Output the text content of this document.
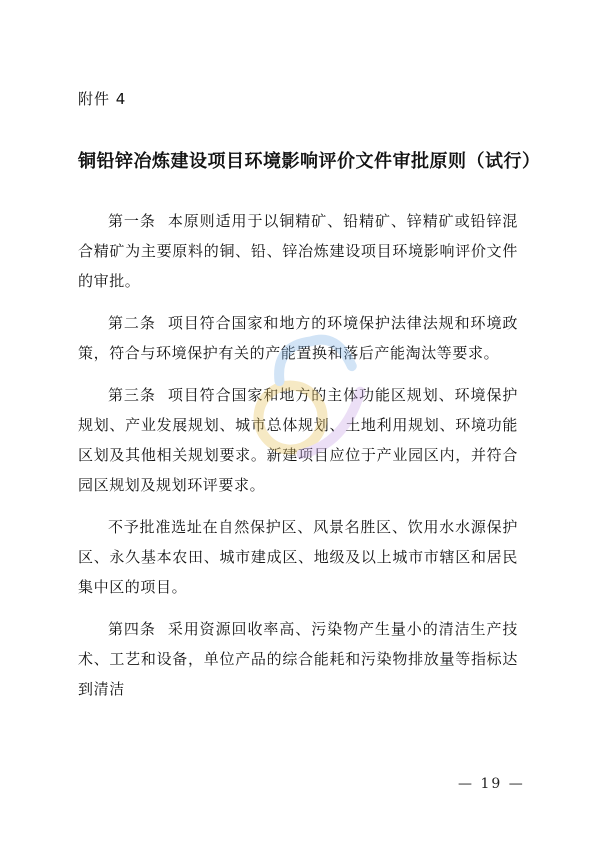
附件 4
铜铅锌冶炼建设项目环境影响评价文件审批原则（试行）

第一条 本原则适用于以铜精矿、铅精矿、锌精矿或铅锌混合精矿为主要原料的铜、铅、锌冶炼建设项目环境影响评价文件的审批。

第二条 项目符合国家和地方的环境保护法律法规和环境政策，符合与环境保护有关的产能置换和落后产能淘汰等要求。

第三条 项目符合国家和地方的主体功能区规划、环境保护规划、产业发展规划、城市总体规划、土地利用规划、环境功能区划及其他相关规划要求。新建项目应位于产业园区内，并符合园区规划及规划环评要求。

不予批准选址在自然保护区、风景名胜区、饮用水水源保护区、永久基本农田、城市建成区、地级及以上城市市辖区和居民集中区的项目。

第四条 采用资源回收率高、污染物产生量小的清洁生产技术、工艺和设备，单位产品的综合能耗和污染物排放量等指标达到清洁

— 19 —
